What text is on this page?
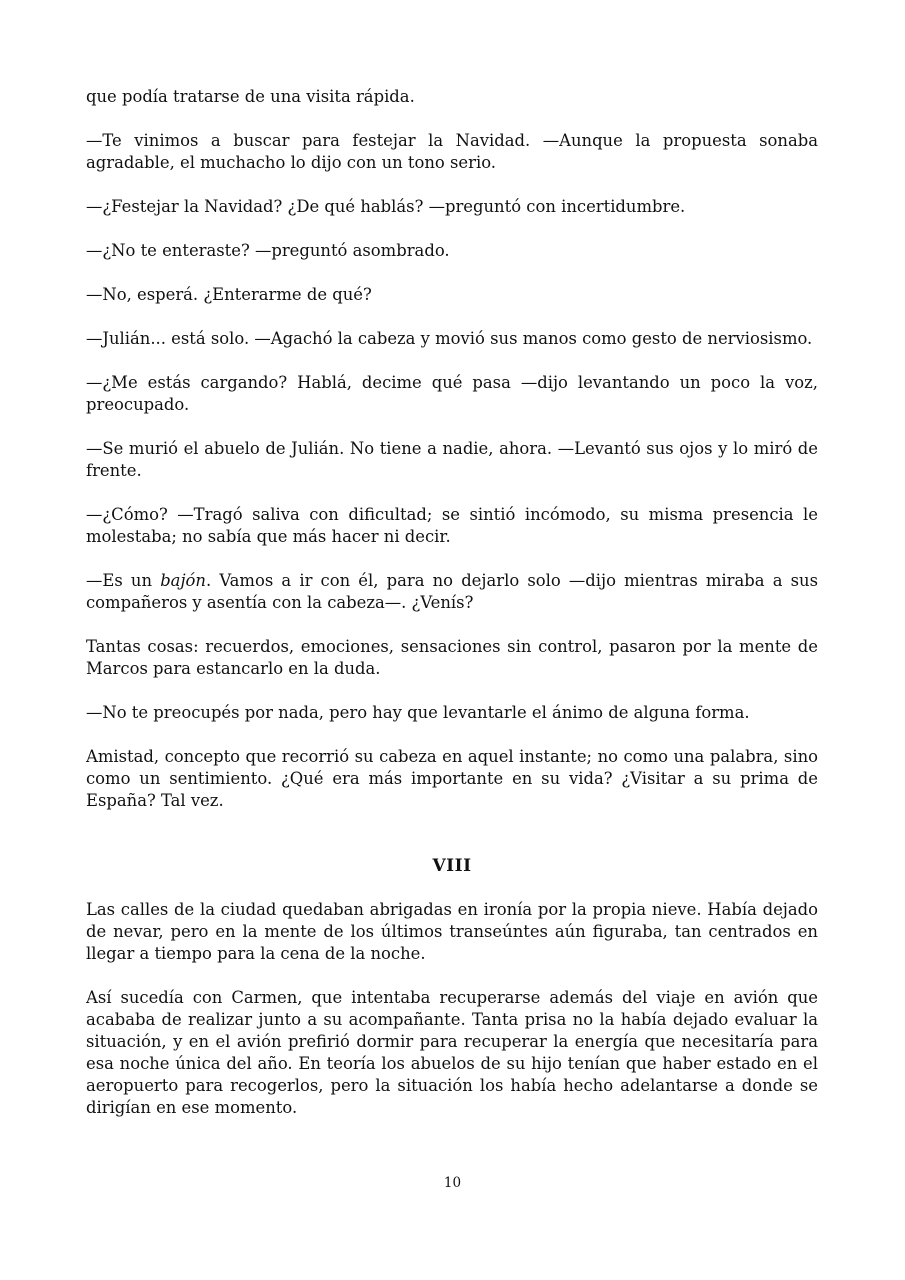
que podía tratarse de una visita rápida.

—Te vinimos a buscar para festejar la Navidad. —Aunque la propuesta sonaba agradable, el muchacho lo dijo con un tono serio.

—¿Festejar la Navidad? ¿De qué hablás? —preguntó con incertidumbre.

—¿No te enteraste? —preguntó asombrado.

—No, esperá. ¿Enterarme de qué?

—Julián... está solo. —Agachó la cabeza y movió sus manos como gesto de nerviosismo.

—¿Me estás cargando? Hablá, decime qué pasa —dijo levantando un poco la voz, preocupado.

—Se murió el abuelo de Julián. No tiene a nadie, ahora. —Levantó sus ojos y lo miró de frente.

—¿Cómo? —Tragó saliva con dificultad; se sintió incómodo, su misma presencia le molestaba; no sabía que más hacer ni decir.

—Es un bajón. Vamos a ir con él, para no dejarlo solo —dijo mientras miraba a sus compañeros y asentía con la cabeza—. ¿Venís?

Tantas cosas: recuerdos, emociones, sensaciones sin control, pasaron por la mente de Marcos para estancarlo en la duda.

—No te preocupés por nada, pero hay que levantarle el ánimo de alguna forma.

Amistad, concepto que recorrió su cabeza en aquel instante; no como una palabra, sino como un sentimiento. ¿Qué era más importante en su vida? ¿Visitar a su prima de España? Tal vez.

VIII

Las calles de la ciudad quedaban abrigadas en ironía por la propia nieve. Había dejado de nevar, pero en la mente de los últimos transeúntes aún figuraba, tan centrados en llegar a tiempo para la cena de la noche.

Así sucedía con Carmen, que intentaba recuperarse además del viaje en avión que acababa de realizar junto a su acompañante. Tanta prisa no la había dejado evaluar la situación, y en el avión prefirió dormir para recuperar la energía que necesitaría para esa noche única del año. En teoría los abuelos de su hijo tenían que haber estado en el aeropuerto para recogerlos, pero la situación los había hecho adelantarse a donde se dirigían en ese momento.

10
